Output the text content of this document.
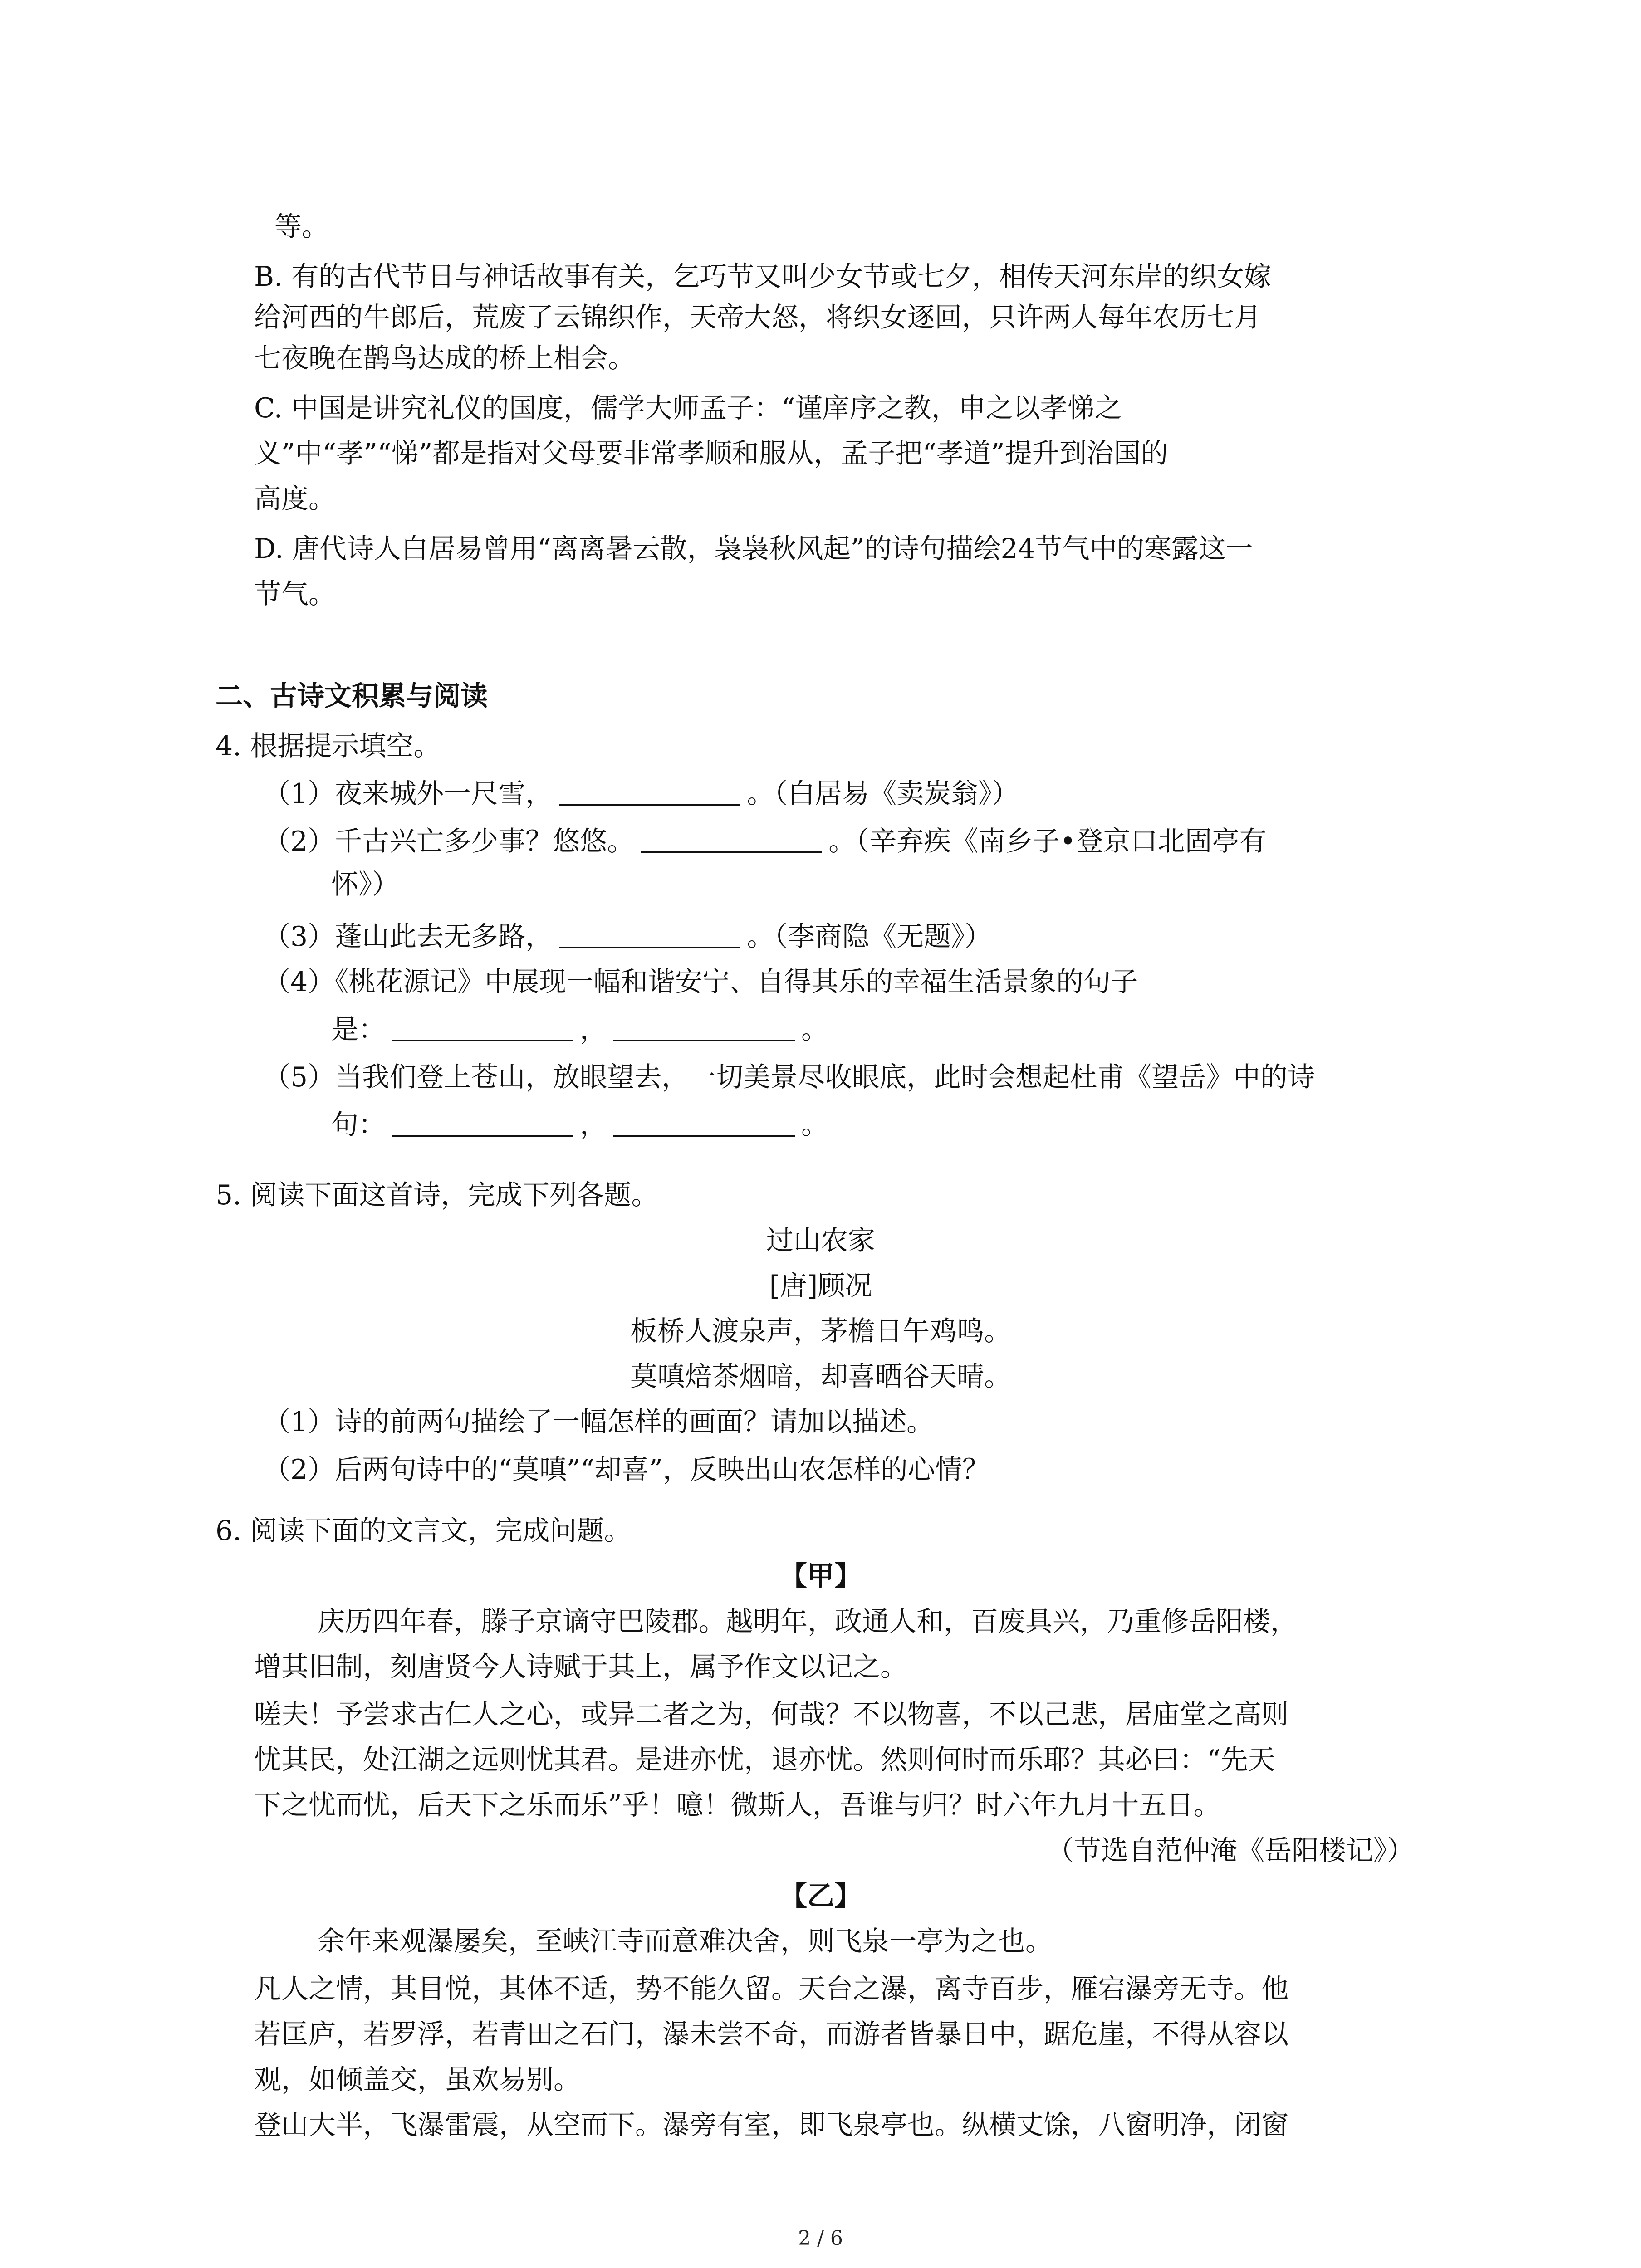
等。
B. 有的古代节日与神话故事有关，乞巧节又叫少女节或七夕，相传天河东岸的织女嫁
给河西的牛郎后，荒废了云锦织作，天帝大怒，将织女逐回，只许两人每年农历七月
七夜晚在鹊鸟达成的桥上相会。
C. 中国是讲究礼仪的国度，儒学大师孟子：“谨庠序之教，申之以孝悌之
义”中“孝”“悌”都是指对父母要非常孝顺和服从，孟子把“孝道”提升到治国的
高度。
D. 唐代诗人白居易曾用“离离暑云散，袅袅秋风起”的诗句描绘24节气中的寒露这一
节气。
二、古诗文积累与阅读
4. 根据提示填空。
（1）夜来城外一尺雪，	。（白居易《卖炭翁》）
（2）千古兴亡多少事？悠悠。	。（辛弃疾《南乡子•登京口北固亭有
怀》）
（3）蓬山此去无多路，	。（李商隐《无题》）
（4）《桃花源记》中展现一幅和谐安宁、自得其乐的幸福生活景象的句子
是：	，	。
（5）当我们登上苍山，放眼望去，一切美景尽收眼底，此时会想起杜甫《望岳》中的诗
句：	，	。
5. 阅读下面这首诗，完成下列各题。
过山农家
[唐]顾况
板桥人渡泉声，茅檐日午鸡鸣。
莫嗔焙茶烟暗，却喜晒谷天晴。
（1）诗的前两句描绘了一幅怎样的画面？请加以描述。
（2）后两句诗中的“莫嗔”“却喜”，反映出山农怎样的心情？
6. 阅读下面的文言文，完成问题。
【甲】
庆历四年春，滕子京谪守巴陵郡。越明年，政通人和，百废具兴，乃重修岳阳楼，
增其旧制，刻唐贤今人诗赋于其上，属予作文以记之。
嗟夫！予尝求古仁人之心，或异二者之为，何哉？不以物喜，不以己悲，居庙堂之高则
忧其民，处江湖之远则忧其君。是进亦忧，退亦忧。然则何时而乐耶？其必曰：“先天
下之忧而忧，后天下之乐而乐”乎！噫！微斯人，吾谁与归？时六年九月十五日。
（节选自范仲淹《岳阳楼记》）
【乙】
余年来观瀑屡矣，至峡江寺而意难决舍，则飞泉一亭为之也。
凡人之情，其目悦，其体不适，势不能久留。天台之瀑，离寺百步，雁宕瀑旁无寺。他
若匡庐，若罗浮，若青田之石门，瀑未尝不奇，而游者皆暴日中，踞危崖，不得从容以
观，如倾盖交，虽欢易别。
登山大半，飞瀑雷震，从空而下。瀑旁有室，即飞泉亭也。纵横丈馀，八窗明净，闭窗
2 / 6
